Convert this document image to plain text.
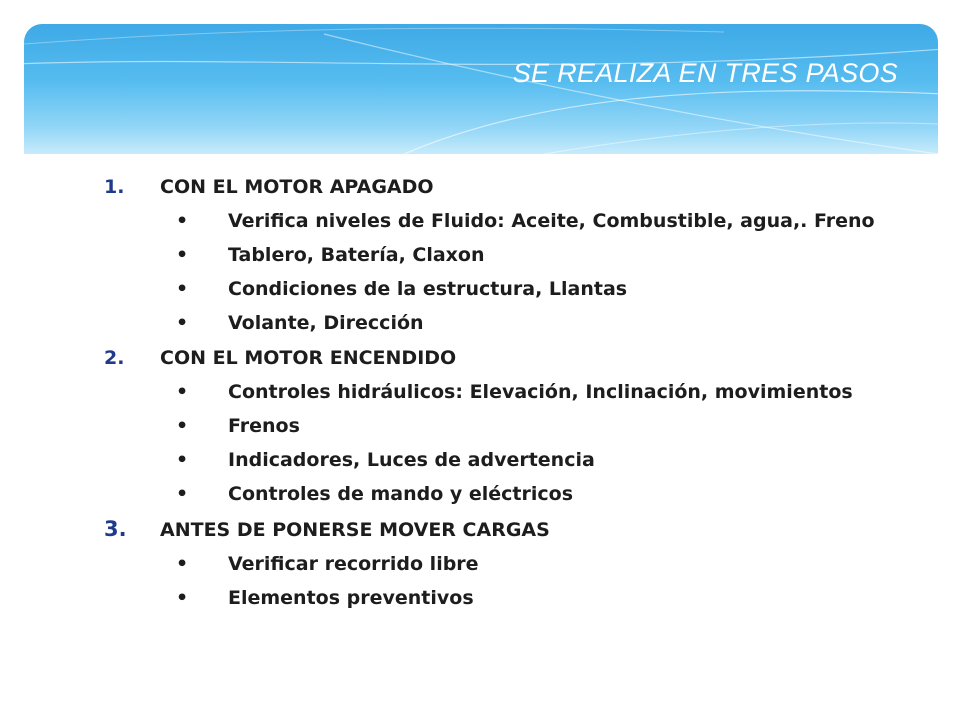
SE REALIZA EN TRES PASOS
1.	CON EL MOTOR APAGADO
•	Verifica niveles de Fluido: Aceite, Combustible, agua,. Freno
•	Tablero, Batería, Claxon
•	Condiciones de la estructura, Llantas
•	Volante, Dirección
2.	CON EL MOTOR ENCENDIDO
•	Controles hidráulicos: Elevación, Inclinación, movimientos
•	Frenos
•	Indicadores, Luces de advertencia
•	Controles de mando y eléctricos
3.	ANTES DE PONERSE MOVER CARGAS
•	Verificar recorrido libre
•	Elementos preventivos
